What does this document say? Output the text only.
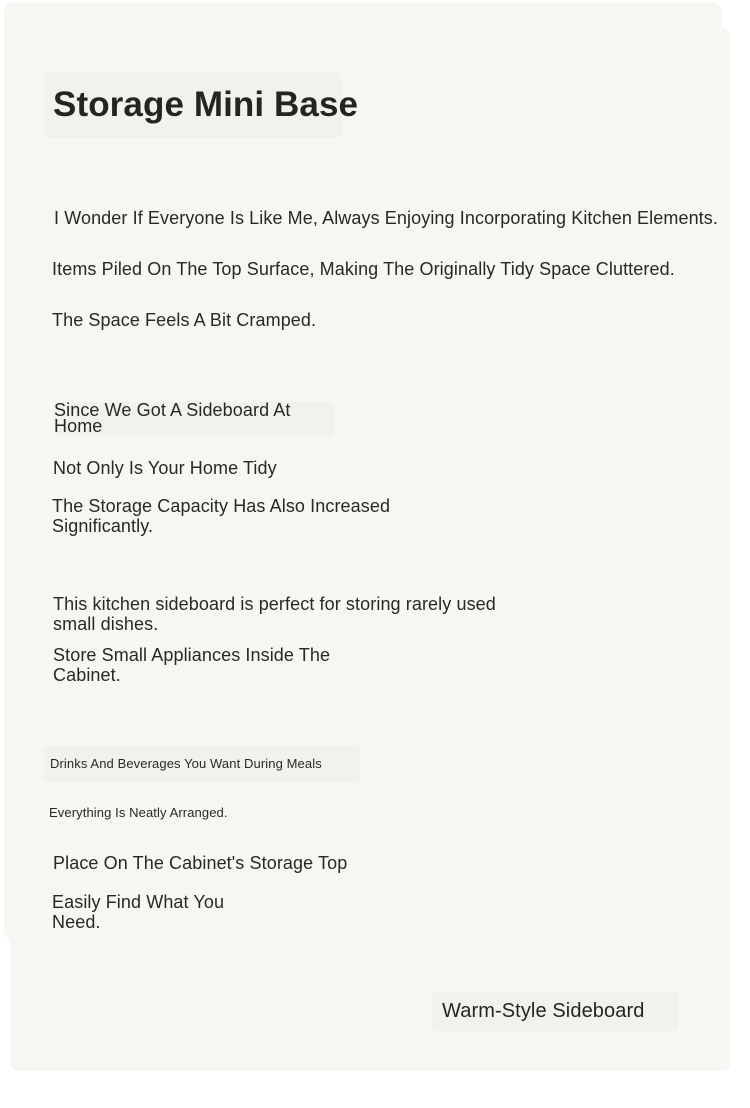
Storage Mini Base

I Wonder If Everyone Is Like Me, Always Enjoying Incorporating Kitchen Elements.

Items Piled On The Top Surface, Making The Originally Tidy Space Cluttered.

The Space Feels A Bit Cramped.

Since We Got A Sideboard At Home

Not Only Is Your Home Tidy

The Storage Capacity Has Also Increased Significantly.

This kitchen sideboard is perfect for storing rarely used small dishes.

Store Small Appliances Inside The Cabinet.

Drinks And Beverages You Want During Meals

Everything Is Neatly Arranged.

Place On The Cabinet's Storage Top

Easily Find What You Need.

Warm-Style Sideboard
